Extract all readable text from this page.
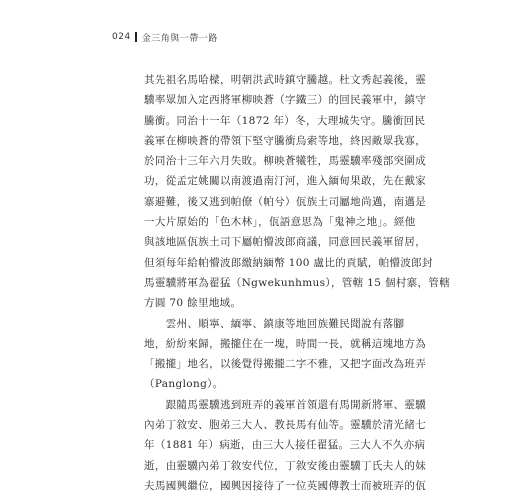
024 金三角與一帶一路

其先祖名馬哈樑，明朝洪武時鎮守騰越。杜文秀起義後，靈
驥率眾加入定西將軍柳映蒼（字鐵三）的回民義軍中，鎮守
騰衝。同治十一年（1872 年）冬，大理城失守。騰衝回民
義軍在柳映蒼的帶領下堅守騰衝烏索等地，終因敵眾我寡，
於同治十三年六月失敗。柳映蒼犧牲，馬靈驥率殘部突圍成
功，從孟定姚關以南渡過南汀河，進入緬甸果敢，先在戴家
寨避難，後又逃到帕僚（帕兮）佤族土司屬地尚邁，南邁是
一大片原始的「色木林」，佤語意思為「鬼神之地」。經他
與該地區佤族土司下屬帕懵波郎商議，同意回民義軍留居，
但須每年給帕懵波郎繳納緬幣 100 盧比的貢賦，帕懵波郎封
馬靈驥將軍為翟猛（Ngwekunhmus），管轄 15 個村寨，管轄
方圓 70 餘里地域。

　　雲州、順寧、緬寧、鎮康等地回族難民聞說有落腳
地，紛紛來歸，搬攏住在一塊，時間一長，就稱這塊地方為
「搬攏」地名，以後覺得搬攏二字不雅，又把字面改為班弄
（Panglong）。

　　跟隨馬靈驥逃到班弄的義軍首領還有馬開新將軍、靈驥
內弟丁敘安、胞弟三大人、教長馬有仙等。靈驥於清光緒七
年（1881 年）病逝，由三大人接任翟猛。三大人不久亦病
逝，由靈驥內弟丁敘安代位，丁敘安後由靈驥丁氏夫人的妹
夫馬國興繼位，國興因接待了一位英國傳教士而被班弄的佤
